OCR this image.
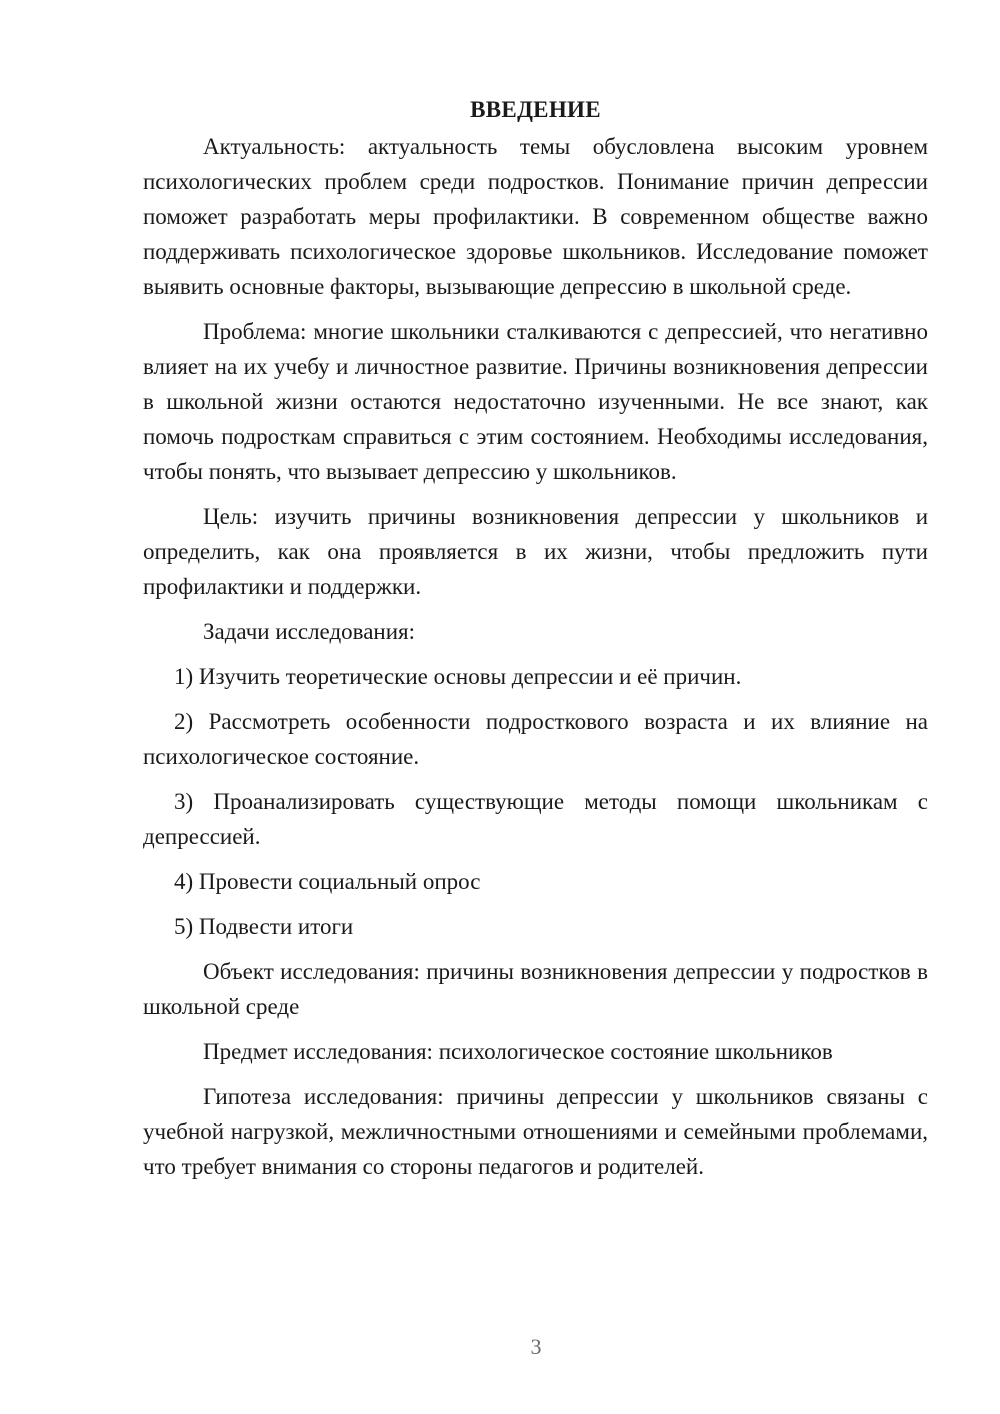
ВВЕДЕНИЕ

Актуальность: актуальность темы обусловлена высоким уровнем психологических проблем среди подростков. Понимание причин депрессии поможет разработать меры профилактики. В современном обществе важно поддерживать психологическое здоровье школьников. Исследование поможет выявить основные факторы, вызывающие депрессию в школьной среде.

Проблема: многие школьники сталкиваются с депрессией, что негативно влияет на их учебу и личностное развитие. Причины возникновения депрессии в школьной жизни остаются недостаточно изученными. Не все знают, как помочь подросткам справиться с этим состоянием. Необходимы исследования, чтобы понять, что вызывает депрессию у школьников.

Цель: изучить причины возникновения депрессии у школьников и определить, как она проявляется в их жизни, чтобы предложить пути профилактики и поддержки.

Задачи исследования:

1) Изучить теоретические основы депрессии и её причин.

2) Рассмотреть особенности подросткового возраста и их влияние на психологическое состояние.

3) Проанализировать существующие методы помощи школьникам с депрессией.

4) Провести социальный опрос

5) Подвести итоги

Объект исследования: причины возникновения депрессии у подростков в школьной среде

Предмет исследования: психологическое состояние школьников

Гипотеза исследования: причины депрессии у школьников связаны с учебной нагрузкой, межличностными отношениями и семейными проблемами, что требует внимания со стороны педагогов и родителей.

3
